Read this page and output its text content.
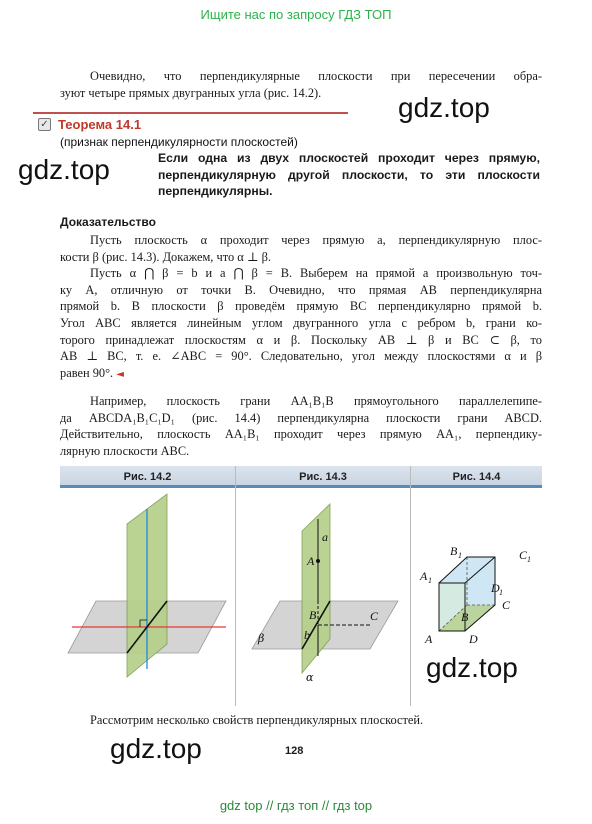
Ищите нас по запросу ГДЗ ТОП
Очевидно, что перпендикулярные плоскости при пересечении обра-
зуют четыре прямых двугранных угла (рис. 14.2).	gdz.top
✓ Теорема 14.1
(признак перпендикулярности плоскостей)
gdz.top	Если одна из двух плоскостей проходит через прямую,
перпендикулярную другой плоскости, то эти плоскости
перпендикулярны.
Доказательство
Пусть плоскость α проходит через прямую a, перпендикулярную плос-
кости β (рис. 14.3). Докажем, что α ⊥ β.
Пусть α ⋂ β = b и a ⋂ β = B. Выберем на прямой a произвольную точ-
ку A, отличную от точки B. Очевидно, что прямая AB перпендикулярна
прямой b. В плоскости β проведём прямую BC перпендикулярно прямой b.
Угол ABC является линейным углом двугранного угла с ребром b, грани ко-
торого принадлежат плоскостям α и β. Поскольку AB ⊥ β и BC ⊂ β, то
AB ⊥ BC, т. е. ∠ABC = 90°. Следовательно, угол между плоскостями α и β
равен 90°. ◄
Например, плоскость грани AA₁B₁B прямоугольного параллелепипе-
да ABCDA₁B₁C₁D₁ (рис. 14.4) перпендикулярна плоскости грани ABCD.
Действительно, плоскость AA₁B₁ проходит через прямую AA₁, перпендику-
лярную плоскости ABC.
Рис. 14.2	Рис. 14.3	Рис. 14.4
a
A
B
b
C
β
α
A
B
C
D
A 1
B 1	C 1
D 1
gdz.top
Рассмотрим несколько свойств перпендикулярных плоскостей.
gdz.top	128
gdz top // гдз топ // гдз top
